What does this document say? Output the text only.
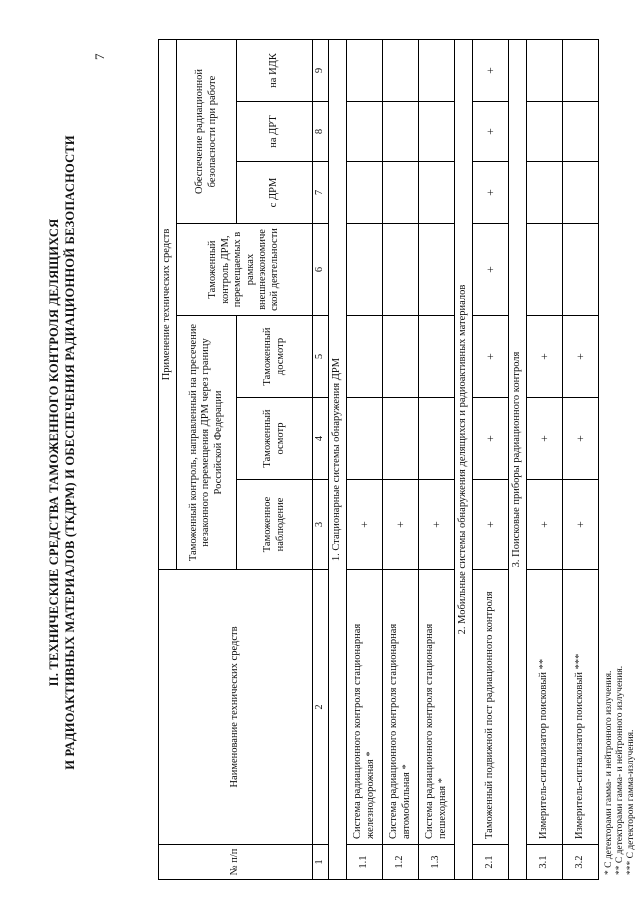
7
II. ТЕХНИЧЕСКИЕ СРЕДСТВА ТАМОЖЕННОГО КОНТРОЛЯ ДЕЛЯЩИХСЯ И РАДИОАКТИВНЫХ МАТЕРИАЛОВ (ТКДРМ) И ОБЕСПЕЧЕНИЯ РАДИАЦИОННОЙ БЕЗОПАСНОСТИ
№ п/п	Наименование технических средств	Применение технических средств						
		Таможенный контроль, направленный на пресечение незаконного перемещения ДРМ через границу Российской Федерации			Таможенный контроль ДРМ, перемещаемых в рамках внешнеэкономической деятельности	Обеспечение радиационной безопасности при работе		
		Таможенное наблюдение	Таможенный осмотр	Таможенный досмотр		с ДРМ	на ДРТ	на ИДК
1	2	3	4	5	6	7	8	9
1. Стационарные системы обнаружения ДРМ								
1.1	Система радиационного контроля стационарная железнодорожная *	+						
1.2	Система радиационного контроля стационарная автомобильная *	+						
1.3	Система радиационного контроля стационарная пешеходная *	+						
2. Мобильные системы обнаружения делящихся и радиоактивных материалов								
2.1	Таможенный подвижной пост радиационного контроля	+	+	+	+	+	+	+
3. Поисковые приборы радиационного контроля								
3.1	Измеритель-сигнализатор поисковый **	+	+	+				
3.2	Измеритель-сигнализатор поисковый ***	+	+	+				
* С детекторами гамма- и нейтронного излучения. ** С детекторами гамма- и нейтронного излучения. *** С детектором гамма-излучения.
